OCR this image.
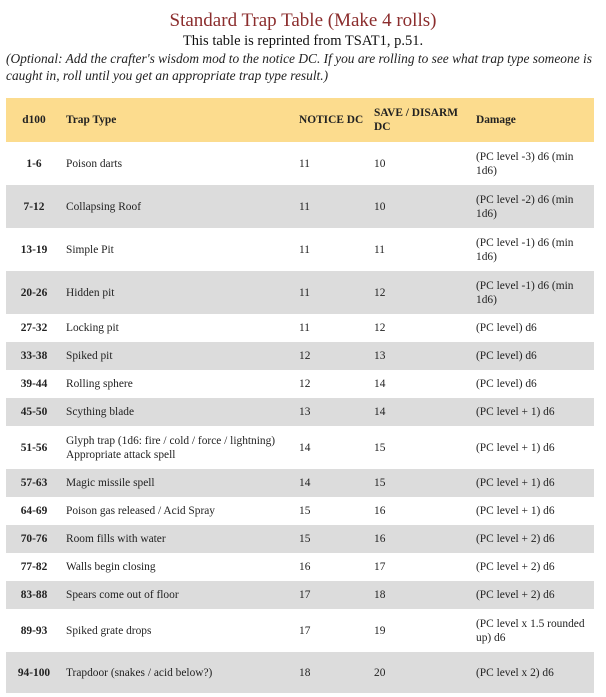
Standard Trap Table (Make 4 rolls)
This table is reprinted from TSAT1, p.51.
(Optional: Add the crafter's wisdom mod to the notice DC. If you are rolling to see what trap type someone is caught in, roll until you get an appropriate trap type result.)
d100	Trap Type	NOTICE DC	SAVE / DISARM DC	Damage
1-6	Poison darts	11	10	(PC level -3) d6 (min 1d6)
7-12	Collapsing Roof	11	10	(PC level -2) d6 (min 1d6)
13-19	Simple Pit	11	11	(PC level -1) d6 (min 1d6)
20-26	Hidden pit	11	12	(PC level -1) d6 (min 1d6)
27-32	Locking pit	11	12	(PC level) d6
33-38	Spiked pit	12	13	(PC level) d6
39-44	Rolling sphere	12	14	(PC level) d6
45-50	Scything blade	13	14	(PC level + 1) d6
51-56	Glyph trap (1d6: fire / cold / force / lightning) Appropriate attack spell	14	15	(PC level + 1) d6
57-63	Magic missile spell	14	15	(PC level + 1) d6
64-69	Poison gas released / Acid Spray	15	16	(PC level + 1) d6
70-76	Room fills with water	15	16	(PC level + 2) d6
77-82	Walls begin closing	16	17	(PC level + 2) d6
83-88	Spears come out of floor	17	18	(PC level + 2) d6
89-93	Spiked grate drops	17	19	(PC level x 1.5 rounded up) d6
94-100	Trapdoor (snakes / acid below?)	18	20	(PC level x 2) d6
